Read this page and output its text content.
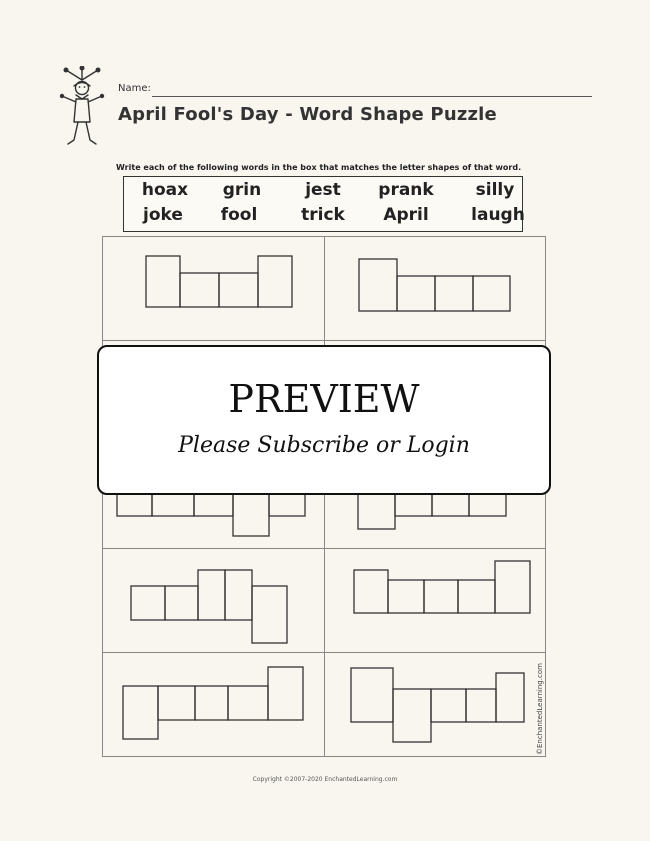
Name:
April Fool's Day - Word Shape Puzzle
Write each of the following words in the box that matches the letter shapes of that word.
hoax grin	jest prank silly
joke fool	trick April laugh
©EnchantedLearning.com
Copyright ©2007-2020 EnchantedLearning.com
PREVIEW
Please Subscribe or Login
